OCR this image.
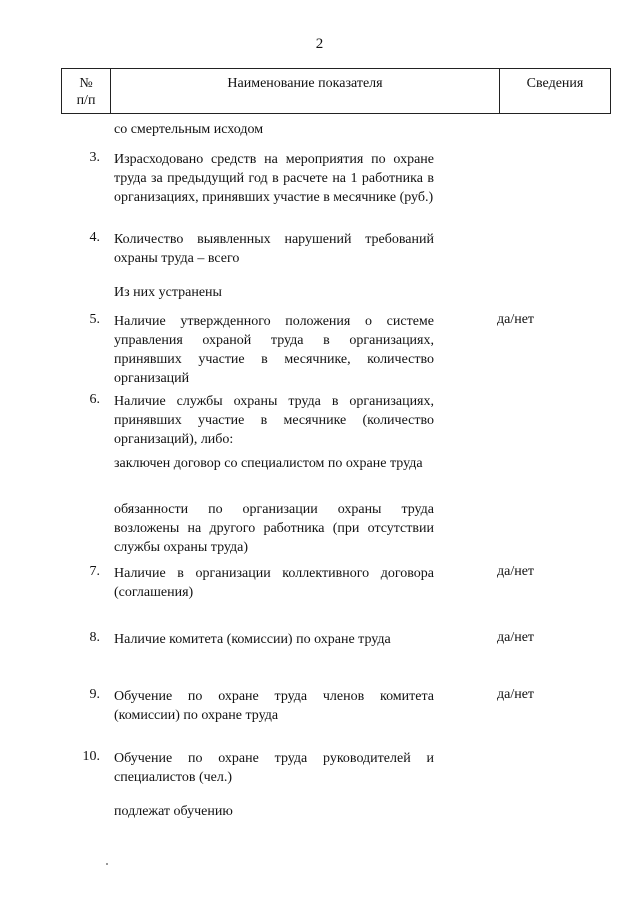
2
№
п/п
Наименование показателя	Сведения
со смертельным исходом
3. Израсходовано средств на мероприятия по охране труда за предыдущий год в расчете на 1 работника в организациях, принявших участие в месячнике (руб.)
4. Количество выявленных нарушений требований охраны труда – всего
Из них устранены
5. Наличие утвержденного положения о системе управления охраной труда в организациях, принявших участие в месячнике, количество организаций
да/нет
6. Наличие службы охраны труда в организациях, принявших участие в месячнике (количество организаций), либо:
заключен договор со специалистом по охране труда
обязанности по организации охраны труда возложены на другого работника (при отсутствии службы охраны труда)
7. Наличие в организации коллективного договора (соглашения)
да/нет
8. Наличие комитета (комиссии) по охране труда	да/нет
9. Обучение по охране труда членов комитета (комиссии) по охране труда
да/нет
10. Обучение по охране труда руководителей и специалистов (чел.)
подлежат обучению
